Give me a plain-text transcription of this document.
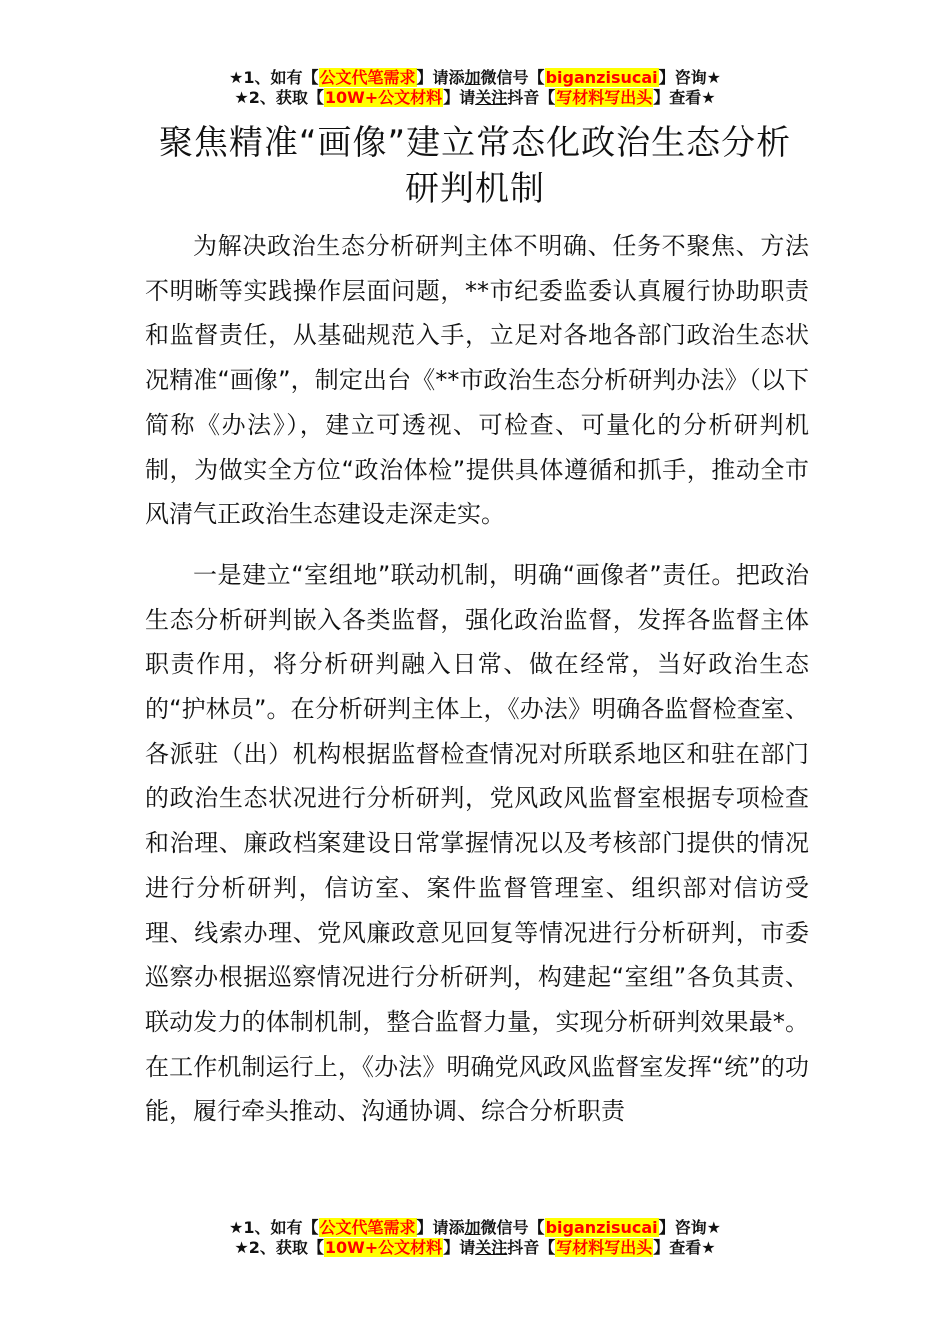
★1、如有【公文代笔需求】请添加微信号【biganzisucai】咨询★
★2、获取【10W+公文材料】请关注抖音【写材料写出头】查看★
聚焦精准“画像”建立常态化政治生态分析
研判机制

为解决政治生态分析研判主体不明确、任务不聚焦、方法不明晰等实践操作层面问题，**市纪委监委认真履行协助职责和监督责任，从基础规范入手，立足对各地各部门政治生态状况精准“画像”，制定出台《**市政治生态分析研判办法》（以下简称《办法》），建立可透视、可检查、可量化的分析研判机制，为做实全方位“政治体检”提供具体遵循和抓手，推动全市风清气正政治生态建设走深走实。

一是建立“室组地”联动机制，明确“画像者”责任。把政治生态分析研判嵌入各类监督，强化政治监督，发挥各监督主体职责作用，将分析研判融入日常、做在经常，当好政治生态的“护林员”。在分析研判主体上，《办法》明确各监督检查室、各派驻（出）机构根据监督检查情况对所联系地区和驻在部门的政治生态状况进行分析研判，党风政风监督室根据专项检查和治理、廉政档案建设日常掌握情况以及考核部门提供的情况进行分析研判，信访室、案件监督管理室、组织部对信访受理、线索办理、党风廉政意见回复等情况进行分析研判，市委巡察办根据巡察情况进行分析研判，构建起“室组”各负其责、联动发力的体制机制，整合监督力量，实现分析研判效果最*。在工作机制运行上，《办法》明确党风政风监督室发挥“统”的功能，履行牵头推动、沟通协调、综合分析职责

★1、如有【公文代笔需求】请添加微信号【biganzisucai】咨询★
★2、获取【10W+公文材料】请关注抖音【写材料写出头】查看★
